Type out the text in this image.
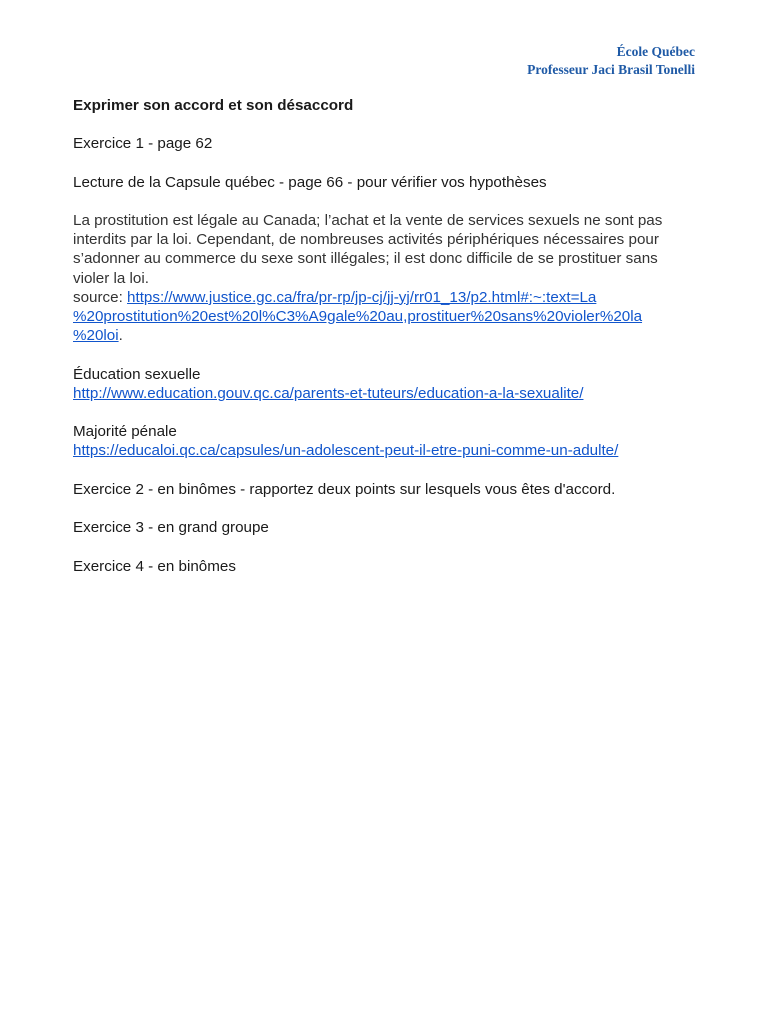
École Québec
Professeur Jaci Brasil Tonelli
Exprimer son accord et son désaccord
Exercice 1 - page 62
Lecture de la Capsule québec - page 66 - pour vérifier vos hypothèses
La prostitution est légale au Canada; l’achat et la vente de services sexuels ne sont pas
interdits par la loi. Cependant, de nombreuses activités périphériques nécessaires pour
s’adonner au commerce du sexe sont illégales; il est donc difficile de se prostituer sans
violer la loi.
source: https://www.justice.gc.ca/fra/pr-rp/jp-cj/jj-yj/rr01_13/p2.html#:~:text=La
%20prostitution%20est%20l%C3%A9gale%20au,prostituer%20sans%20violer%20la
%20loi.
Éducation sexuelle
http://www.education.gouv.qc.ca/parents-et-tuteurs/education-a-la-sexualite/
Majorité pénale
https://educaloi.qc.ca/capsules/un-adolescent-peut-il-etre-puni-comme-un-adulte/
Exercice 2 - en binômes - rapportez deux points sur lesquels vous êtes d'accord.
Exercice 3 - en grand groupe
Exercice 4 - en binômes
